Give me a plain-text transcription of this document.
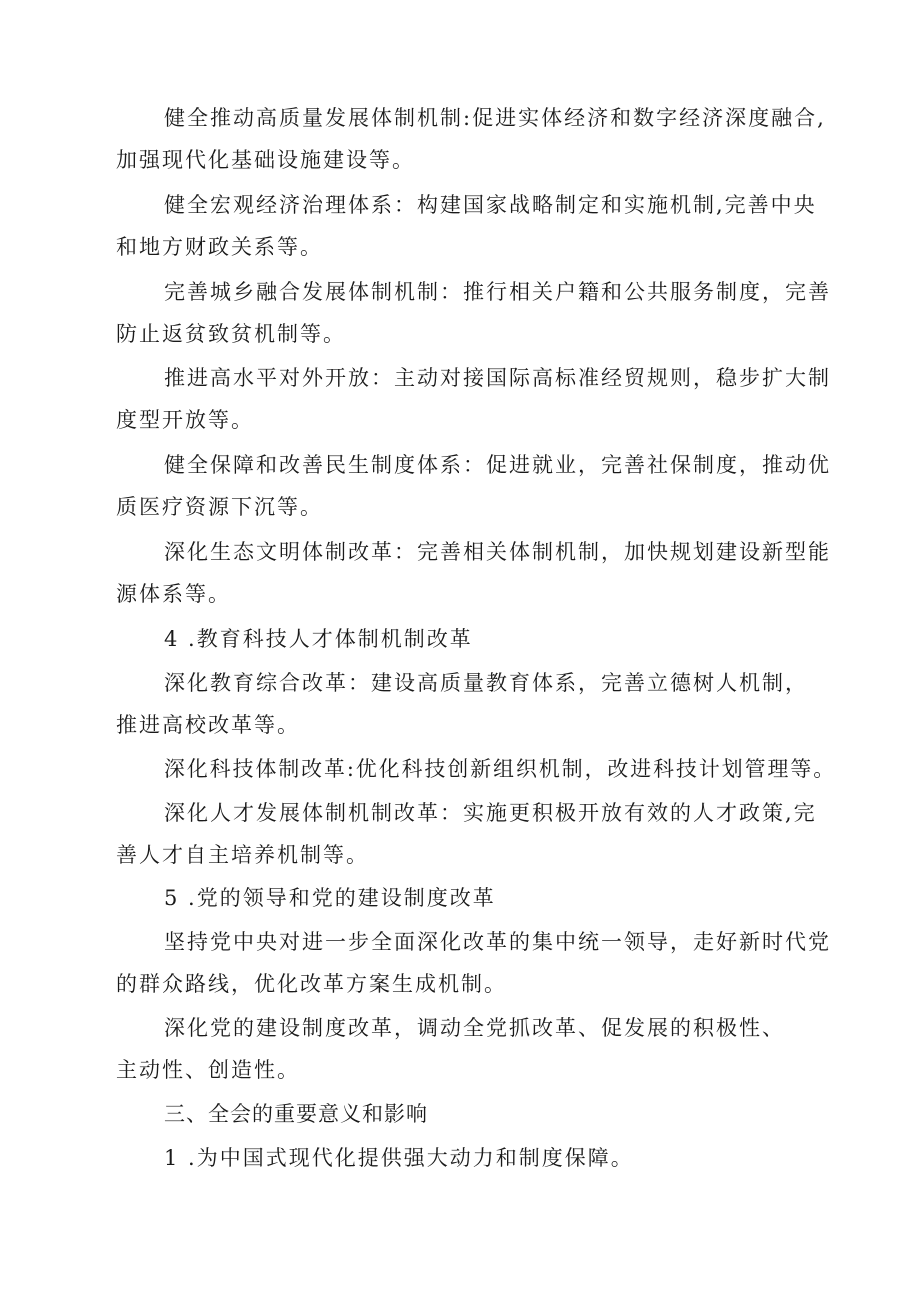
健全推动高质量发展体制机制:促进实体经济和数字经济深度融合,
加强现代化基础设施建设等。
健全宏观经济治理体系：构建国家战略制定和实施机制,完善中央
和地方财政关系等。
完善城乡融合发展体制机制：推行相关户籍和公共服务制度，完善
防止返贫致贫机制等。
推进高水平对外开放：主动对接国际高标准经贸规则，稳步扩大制
度型开放等。
健全保障和改善民生制度体系：促进就业，完善社保制度，推动优
质医疗资源下沉等。
深化生态文明体制改革：完善相关体制机制，加快规划建设新型能
源体系等。
4 .教育科技人才体制机制改革
深化教育综合改革：建设高质量教育体系，完善立德树人机制，
推进高校改革等。
深化科技体制改革:优化科技创新组织机制，改进科技计划管理等。
深化人才发展体制机制改革：实施更积极开放有效的人才政策,完
善人才自主培养机制等。
5 .党的领导和党的建设制度改革
坚持党中央对进一步全面深化改革的集中统一领导，走好新时代党
的群众路线，优化改革方案生成机制。
深化党的建设制度改革，调动全党抓改革、促发展的积极性、
主动性、创造性。
三、全会的重要意义和影响
1 .为中国式现代化提供强大动力和制度保障。
